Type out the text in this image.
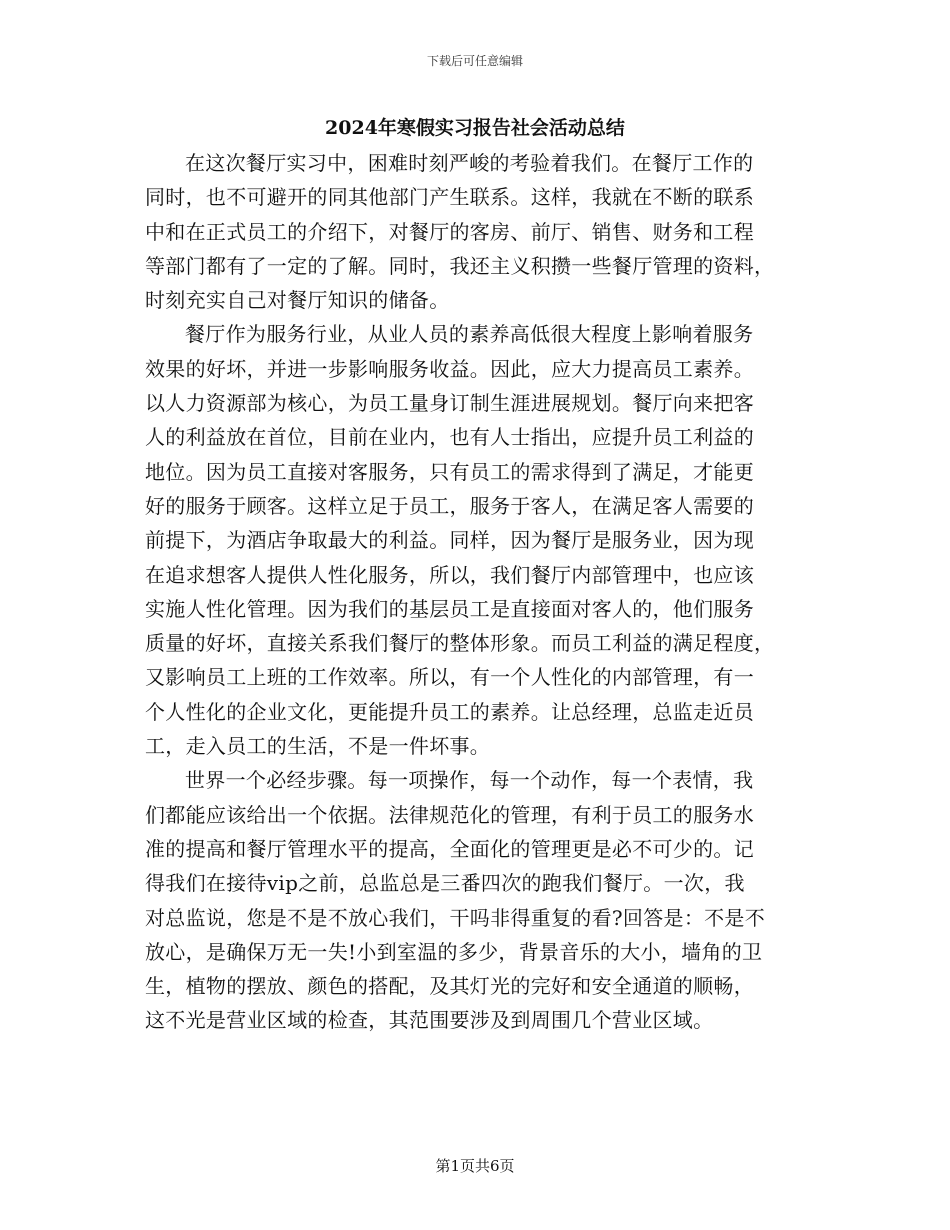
下载后可任意编辑
2024年寒假实习报告社会活动总结
在这次餐厅实习中，困难时刻严峻的考验着我们。在餐厅工作的
同时，也不可避开的同其他部门产生联系。这样，我就在不断的联系
中和在正式员工的介绍下，对餐厅的客房、前厅、销售、财务和工程
等部门都有了一定的了解。同时，我还主义积攒一些餐厅管理的资料，
时刻充实自己对餐厅知识的储备。
餐厅作为服务行业，从业人员的素养高低很大程度上影响着服务
效果的好坏，并进一步影响服务收益。因此，应大力提高员工素养。
以人力资源部为核心，为员工量身订制生涯进展规划。餐厅向来把客
人的利益放在首位，目前在业内，也有人士指出，应提升员工利益的
地位。因为员工直接对客服务，只有员工的需求得到了满足，才能更
好的服务于顾客。这样立足于员工，服务于客人，在满足客人需要的
前提下，为酒店争取最大的利益。同样，因为餐厅是服务业，因为现
在追求想客人提供人性化服务，所以，我们餐厅内部管理中，也应该
实施人性化管理。因为我们的基层员工是直接面对客人的，他们服务
质量的好坏，直接关系我们餐厅的整体形象。而员工利益的满足程度，
又影响员工上班的工作效率。所以，有一个人性化的内部管理，有一
个人性化的企业文化，更能提升员工的素养。让总经理，总监走近员
工，走入员工的生活，不是一件坏事。
世界一个必经步骤。每一项操作，每一个动作，每一个表情，我
们都能应该给出一个依据。法律规范化的管理，有利于员工的服务水
准的提高和餐厅管理水平的提高，全面化的管理更是必不可少的。记
得我们在接待vip之前，总监总是三番四次的跑我们餐厅。一次，我
对总监说，您是不是不放心我们，干吗非得重复的看?回答是：不是不
放心，是确保万无一失!小到室温的多少，背景音乐的大小，墙角的卫
生，植物的摆放、颜色的搭配，及其灯光的完好和安全通道的顺畅，
这不光是营业区域的检查，其范围要涉及到周围几个营业区域。
第1页共6页
